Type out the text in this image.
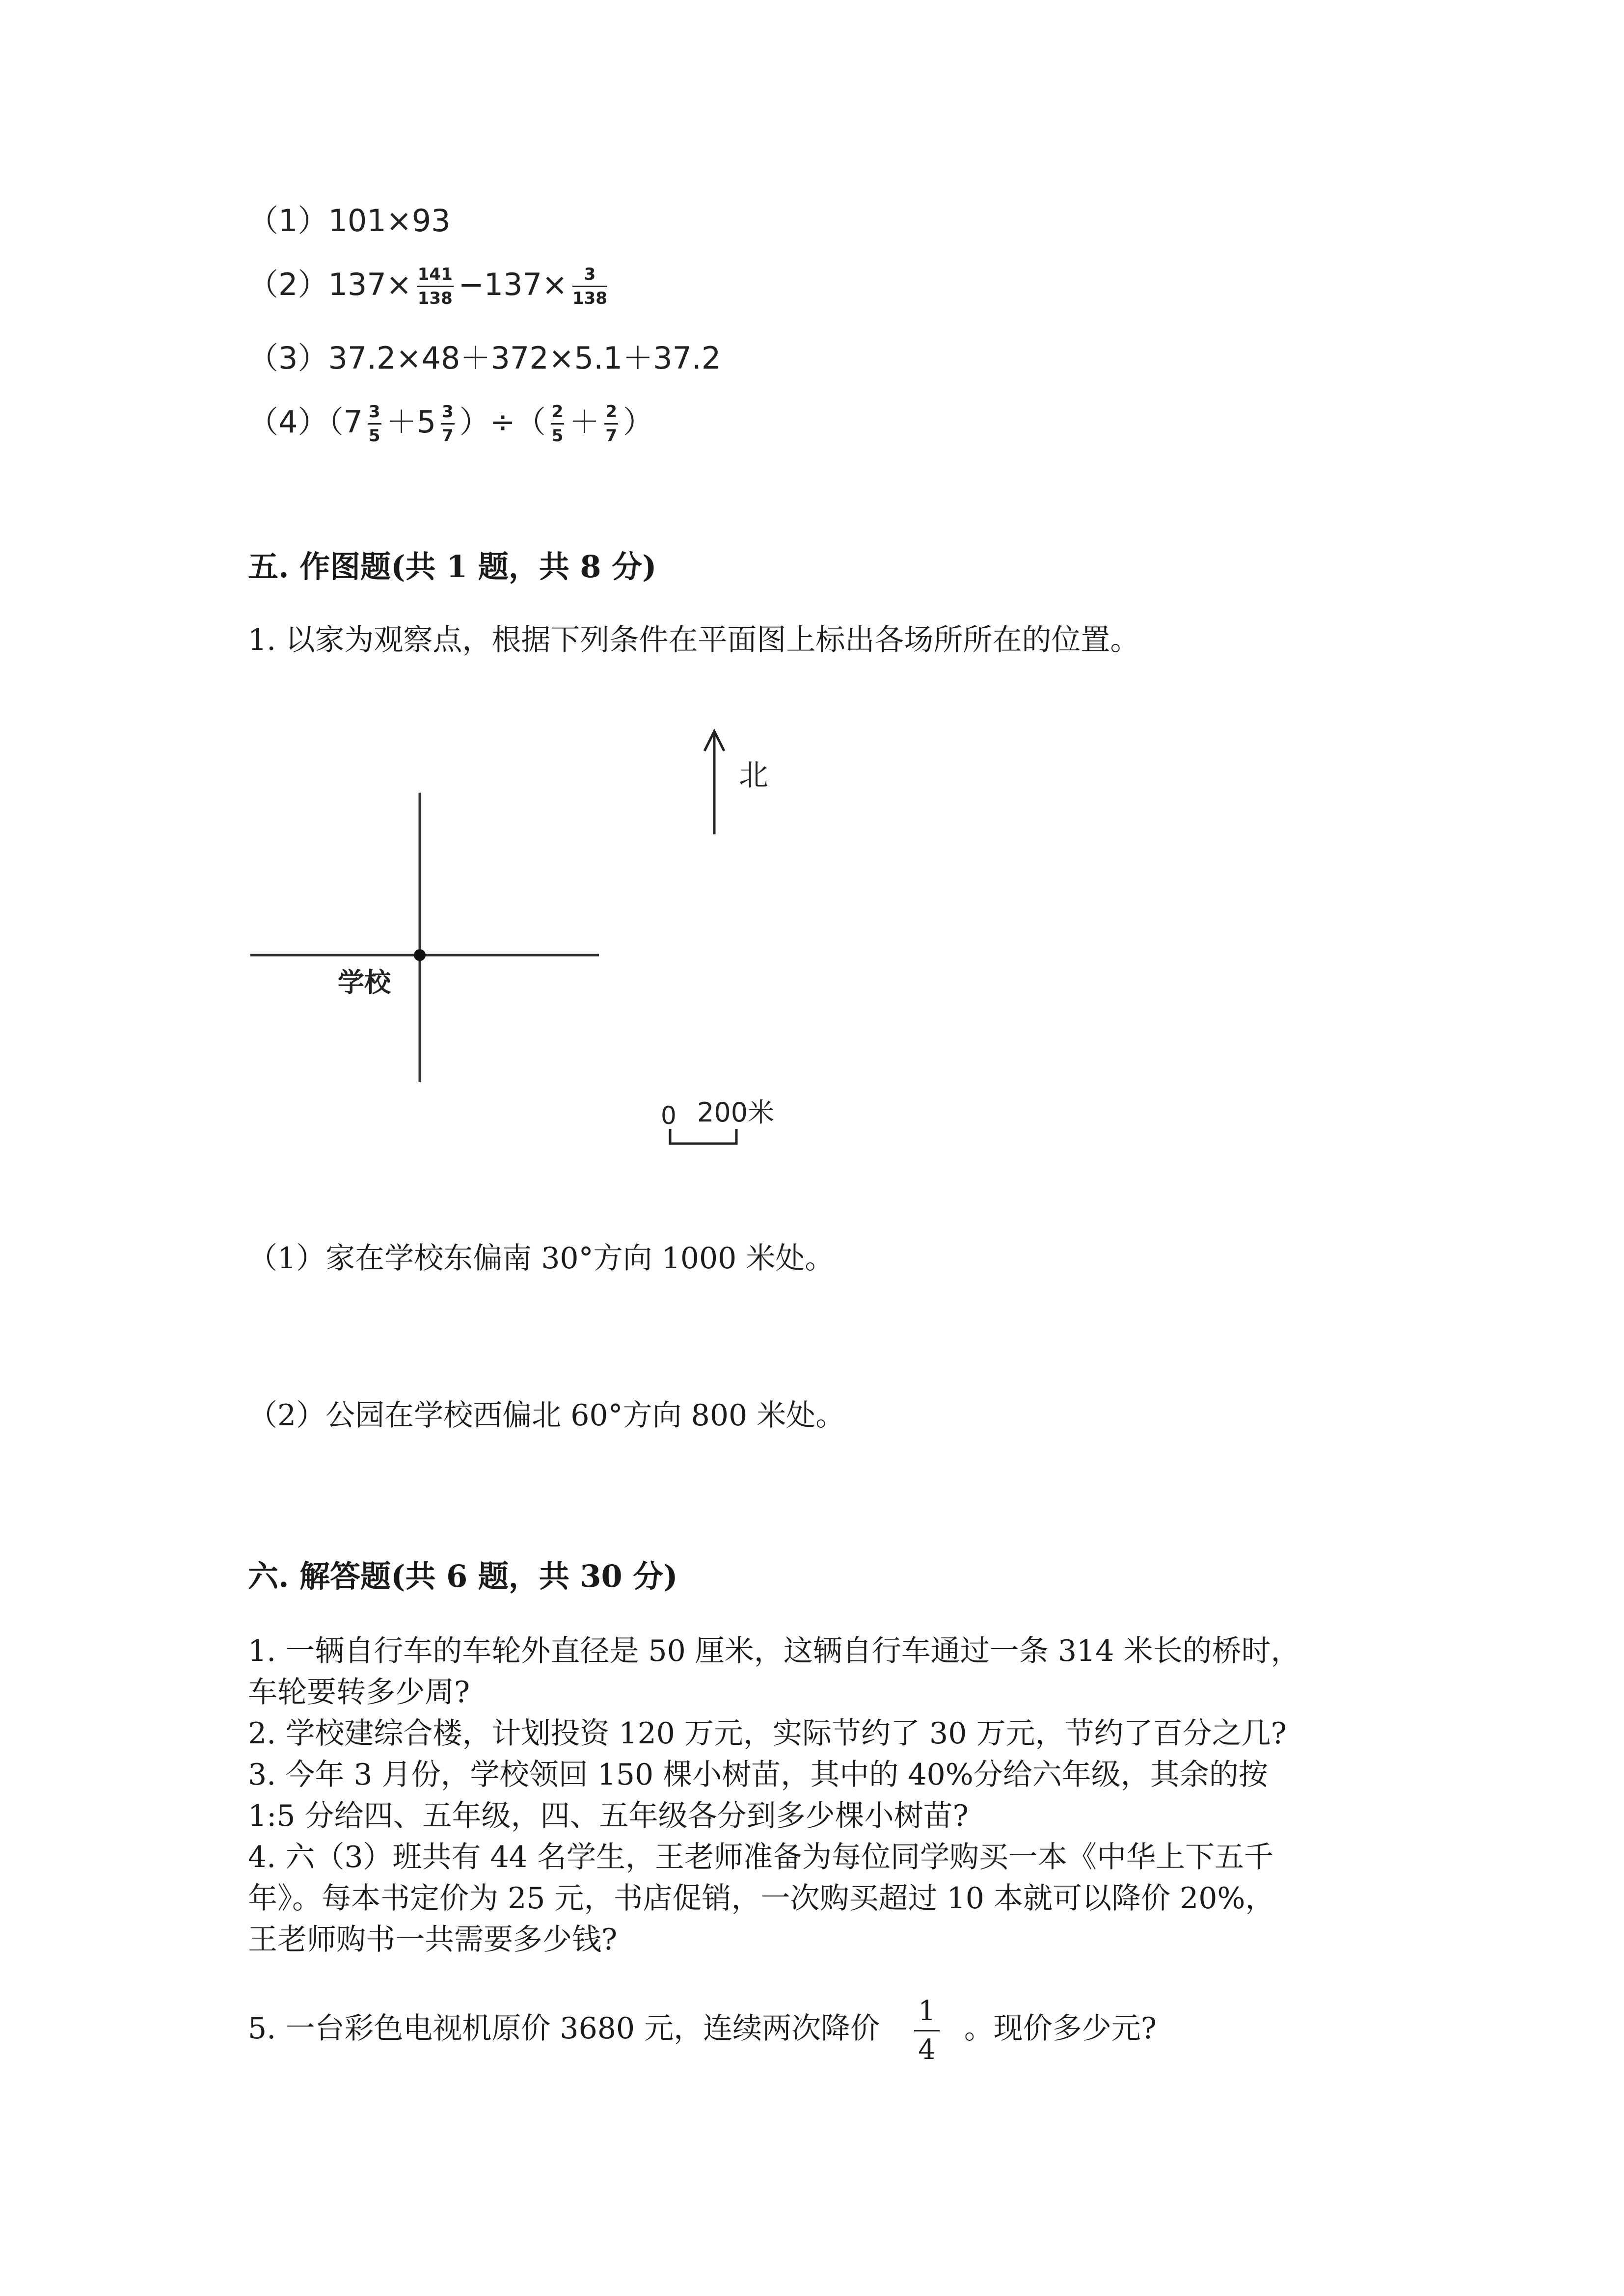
（1）101×93
$(2)137\times \frac{141}{138} -137\times \frac{3}{138}$
（3）37.2×48＋372×5.1＋37.2
$(4)(7 \frac{3}{5} +5 \frac{3}{7}$ ）÷（ $\frac{2}{5} + \frac{2}{7}$ ）
五. 作图题(共 1 题，共 8 分)
1. 以家为观察点，根据下列条件在平面图上标出各场所所在的位置。
北
学校
0 200米
（1）家在学校东偏南 30°方向 1000 米处。
（2）公园在学校西偏北 60°方向 800 米处。
六. 解答题(共 6 题，共 30 分)
1. 一辆自行车的车轮外直径是 50 厘米，这辆自行车通过一条 314 米长的桥时，
车轮要转多少周?
2. 学校建综合楼，计划投资 120 万元，实际节约了 30 万元，节约了百分之几?
3. 今年 3 月份，学校领回 150 棵小树苗，其中的 40%分给六年级，其余的按
1:5 分给四、五年级，四、五年级各分到多少棵小树苗?
4. 六（3）班共有 44 名学生，王老师准备为每位同学购买一本《中华上下五千
年》。每本书定价为 25 元，书店促销，一次购买超过 10 本就可以降价 20%，
王老师购书一共需要多少钱?
5. 一台彩色电视机原价 3680 元，连续两次降价 $\frac{1}{4}$ 。现价多少元?
